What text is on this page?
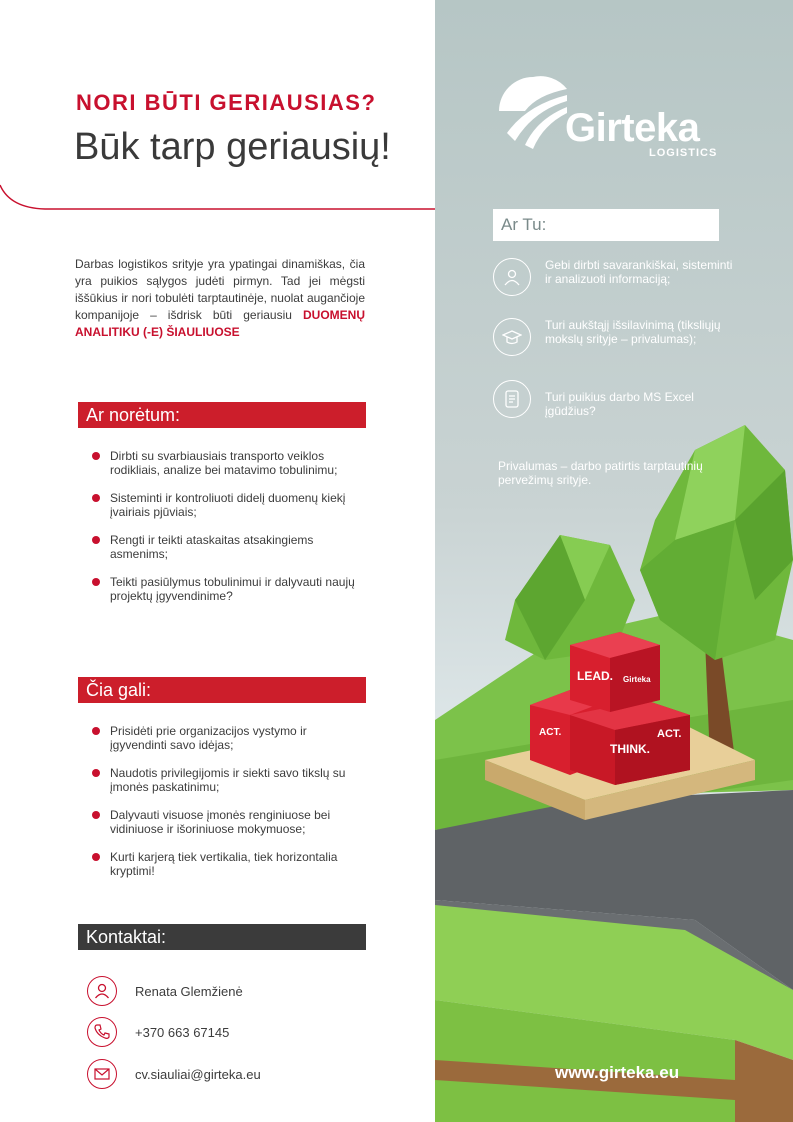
NORI BŪTI GERIAUSIAS?
Būk tarp geriausių!
Darbas logistikos srityje yra ypatingai dinamiškas, čia yra puikios sąlygos judėti pirmyn. Tad jei mėgsti iššūkius ir nori tobulėti tarptautinėje, nuolat augančioje kompanijoje – išdrisk būti geriausiu DUOMENŲ ANALITIKU (-E) ŠIAULIUOSE
Ar norėtum:
Dirbti su svarbiausiais transporto veiklos rodikliais, analize bei matavimo tobulinimu;
Sisteminti ir kontroliuoti didelį duomenų kiekį įvairiais pjūviais;
Rengti ir teikti ataskaitas atsakingiems asmenims;
Teikti pasiūlymus tobulinimui ir dalyvauti naujų projektų įgyvendinime?
Čia gali:
Prisidėti prie organizacijos vystymo ir įgyvendinti savo idėjas;
Naudotis privilegijomis ir siekti savo tikslų su įmonės paskatinimu;
Dalyvauti visuose įmonės renginiuose bei vidiniuose ir išoriniuose mokymuose;
Kurti karjerą tiek vertikalia, tiek horizontalia kryptimi!
Kontaktai:
Renata Glemžienė
+370 663 67145
cv.siauliai@girteka.eu
LEAD. Girteka
ACT.
THINK.
ACT.
Girteka
LOGISTICS
Ar Tu:
Gebi dirbti savarankiškai, sisteminti ir analizuoti informaciją;
Turi aukštąjį išsilavinimą (tiksliųjų mokslų srityje – privalumas);
Turi puikius darbo MS Excel įgūdžius?
Privalumas – darbo patirtis tarptautinių pervežimų srityje.
www.girteka.eu
